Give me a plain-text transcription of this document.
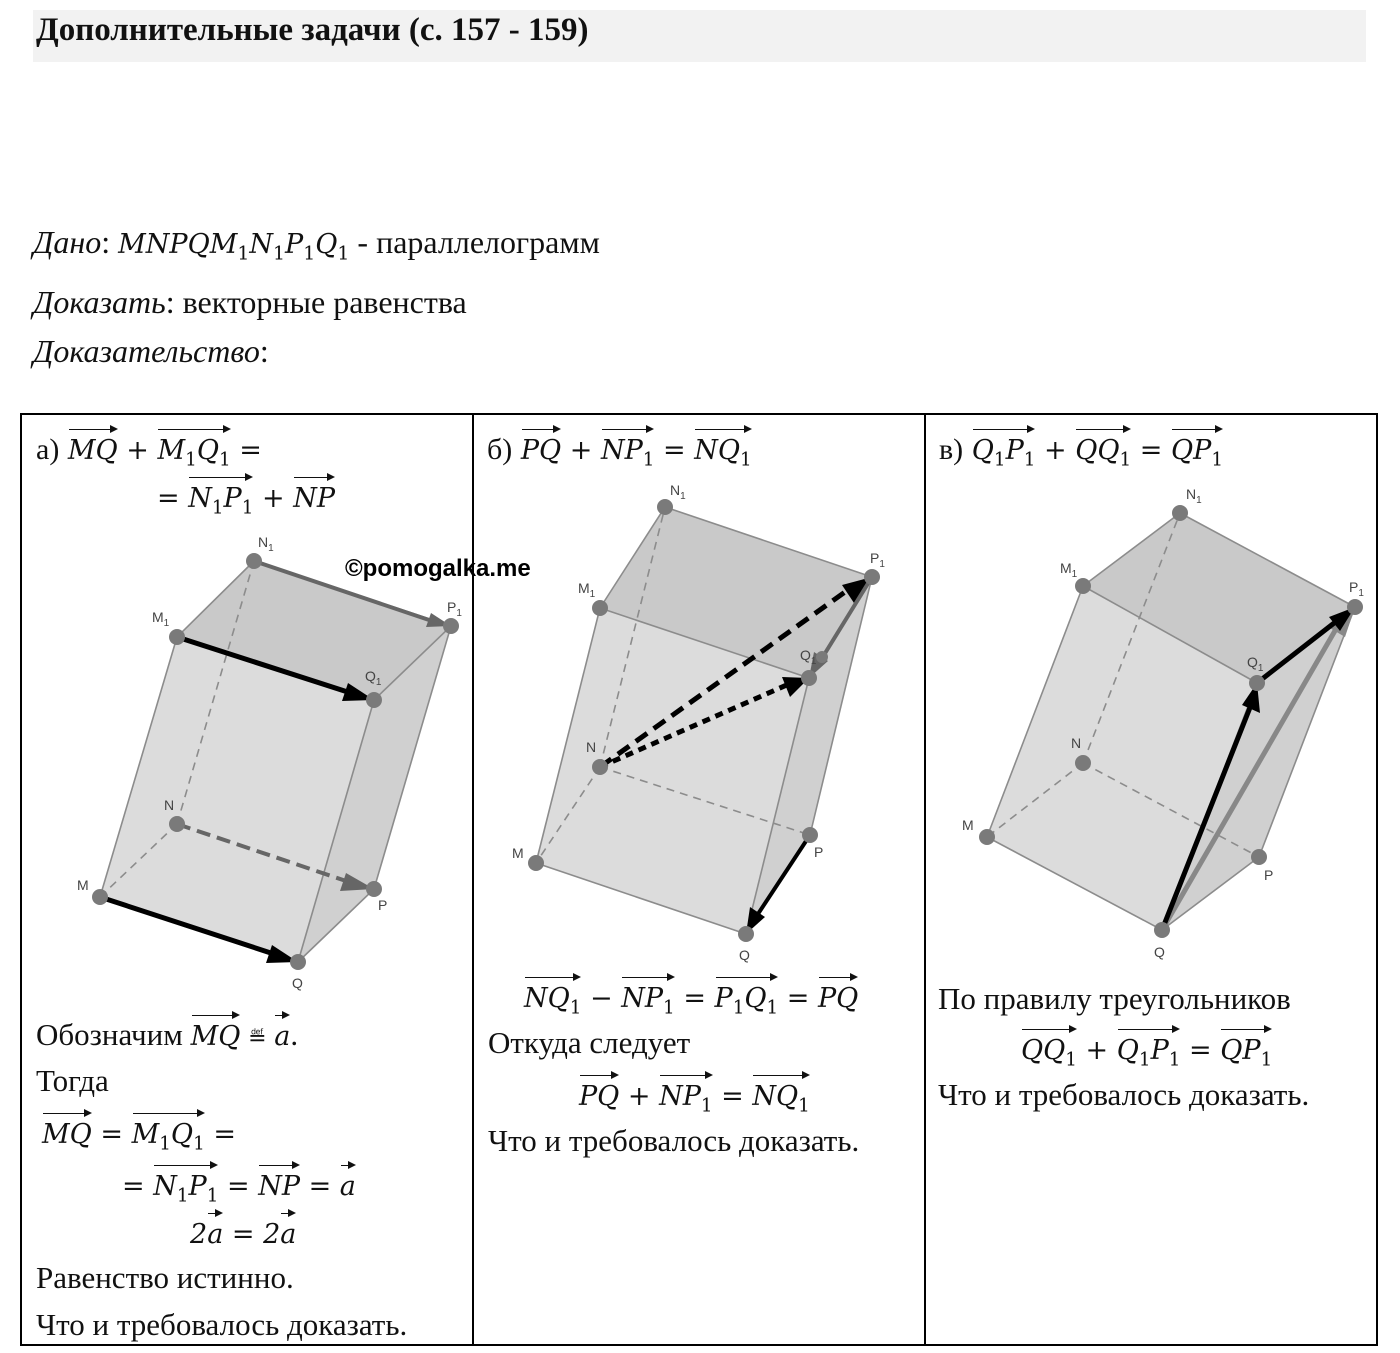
Дополнительные задачи (с. 157 - 159)
Дано: $MNPQM_1N_1P_1Q_1$ - параллелограмм
Доказать: векторные равенства
Доказательство:
а) MQ + $M_1Q_1$ =
= $N_1P_1$ + NP
M
$M_1$
$N_1$
$P_1$
$Q_1$
N
P
Q
Обозначим MQ ≝ a.
Тогда
MQ = $M_1Q_1$ =
= $N_1P_1$ = NP = a
2a = 2a
Равенство истинно.
Что и требовалось доказать.
б) PQ + $NP_1 = NQ_1$
M
$M_1$
$N_1$
$P_1$
$Q_1$
N
P
Q
$NQ_1 - NP_1 = P_1Q_1$ = PQ
Откуда следует
PQ + $NP_1 = NQ_1$
Что и требовалось доказать.
в) $Q_1P_1 + QQ_1 = QP_1$
M
$M_1$
$N_1$
$P_1$
$Q_1$
N
P
Q
По правилу треугольников
$QQ_1 + Q_1P_1 = QP_1$
Что и требовалось доказать.
©pomogalka.me
